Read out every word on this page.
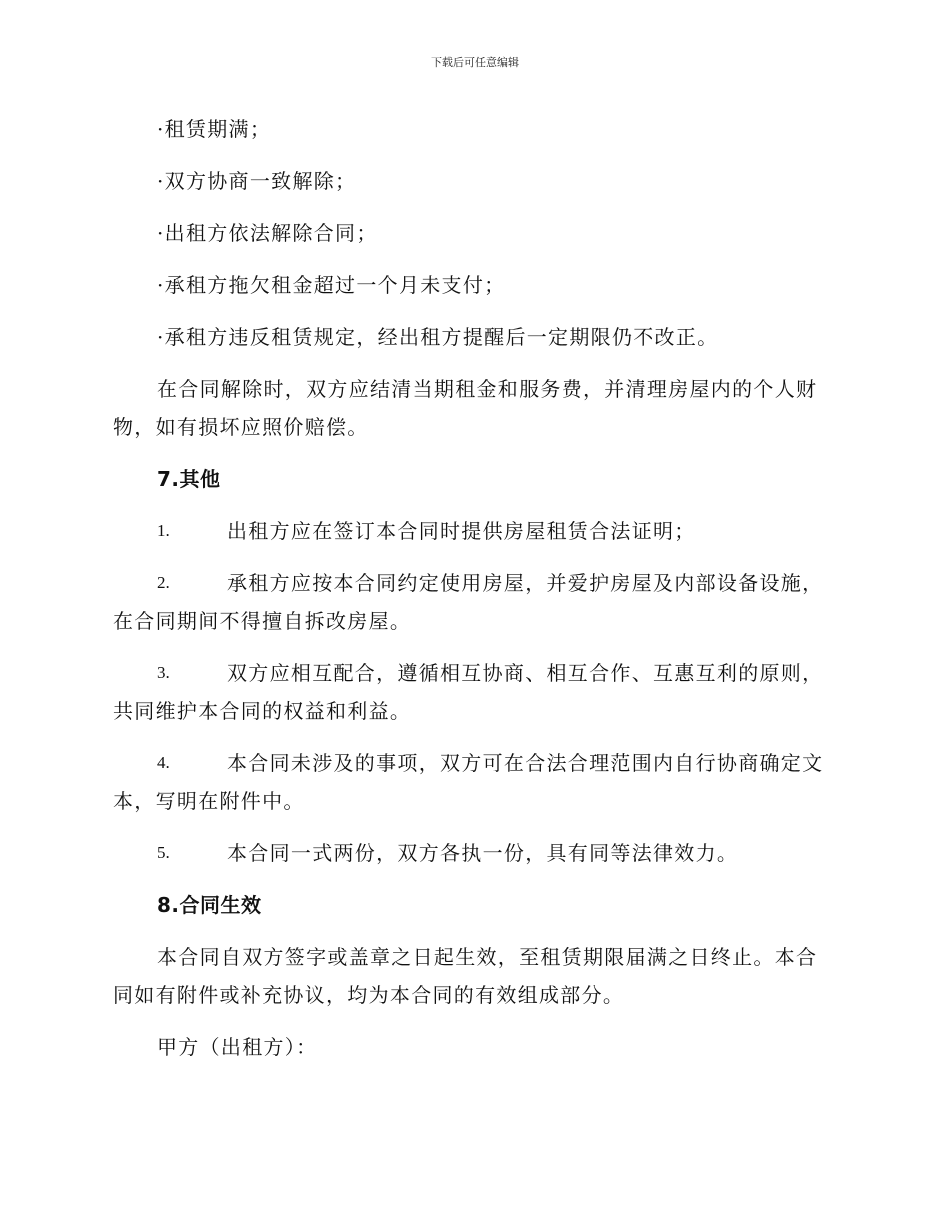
下载后可任意编辑

·租赁期满；

·双方协商一致解除；

·出租方依法解除合同；

·承租方拖欠租金超过一个月未支付；

·承租方违反租赁规定，经出租方提醒后一定期限仍不改正。

在合同解除时，双方应结清当期租金和服务费，并清理房屋内的个人财

物，如有损坏应照价赔偿。

7.其他

1.	出租方应在签订本合同时提供房屋租赁合法证明；
2.	承租方应按本合同约定使用房屋，并爱护房屋及内部设备设施，

在合同期间不得擅自拆改房屋。

3.	双方应相互配合，遵循相互协商、相互合作、互惠互利的原则，

共同维护本合同的权益和利益。

4.	本合同未涉及的事项，双方可在合法合理范围内自行协商确定文

本，写明在附件中。

5.	本合同一式两份，双方各执一份，具有同等法律效力。

8.合同生效

本合同自双方签字或盖章之日起生效，至租赁期限届满之日终止。本合

同如有附件或补充协议，均为本合同的有效组成部分。

甲方（出租方）：
